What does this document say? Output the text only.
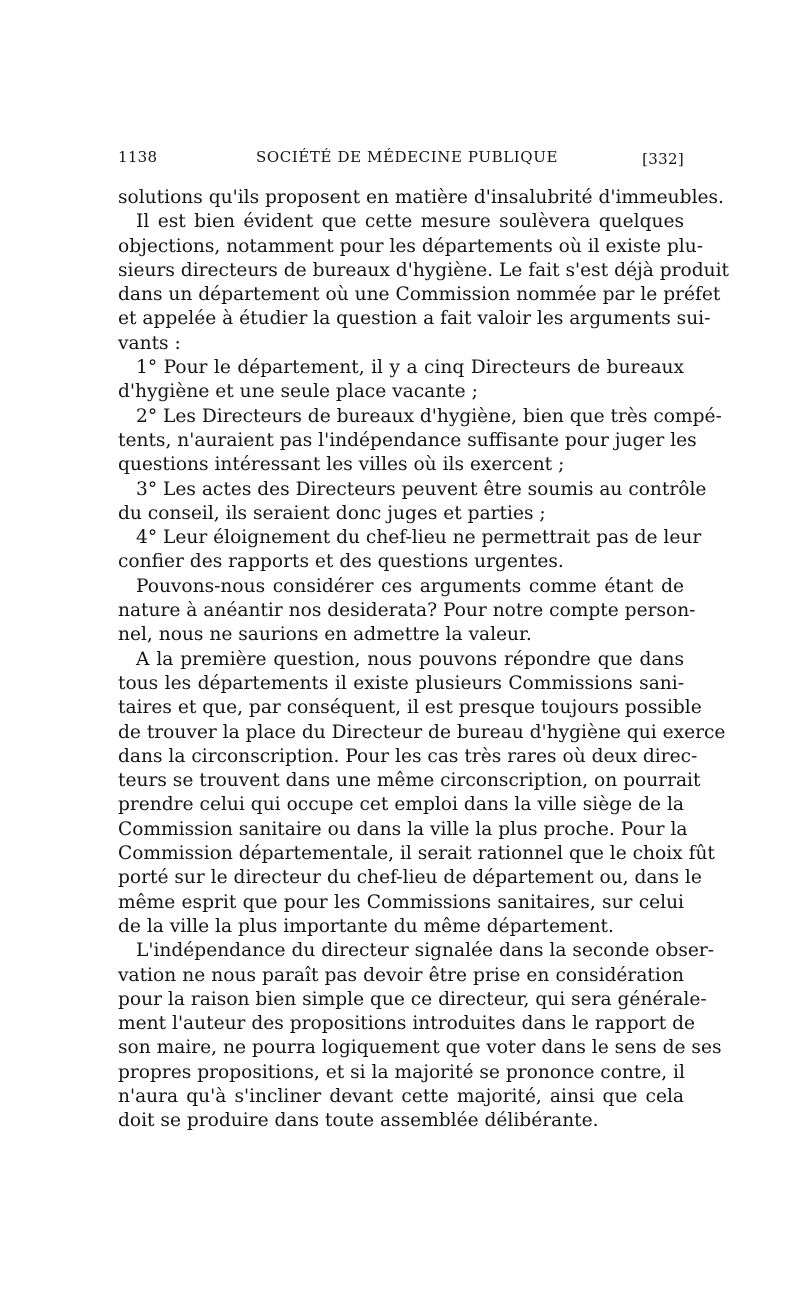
1138	SOCIÉTÉ DE MÉDECINE PUBLIQUE	[332]
solutions qu'ils proposent en matière d'insalubrité d'immeubles.
Il est bien évident que cette mesure soulèvera quelques
objections, notamment pour les départements où il existe plu-
sieurs directeurs de bureaux d'hygiène. Le fait s'est déjà produit
dans un département où une Commission nommée par le préfet
et appelée à étudier la question a fait valoir les arguments sui-
vants :
1° Pour le département, il y a cinq Directeurs de bureaux
d'hygiène et une seule place vacante ;
2° Les Directeurs de bureaux d'hygiène, bien que très compé-
tents, n'auraient pas l'indépendance suffisante pour juger les
questions intéressant les villes où ils exercent ;
3° Les actes des Directeurs peuvent être soumis au contrôle
du conseil, ils seraient donc juges et parties ;
4° Leur éloignement du chef-lieu ne permettrait pas de leur
confier des rapports et des questions urgentes.
Pouvons-nous considérer ces arguments comme étant de
nature à anéantir nos desiderata? Pour notre compte person-
nel, nous ne saurions en admettre la valeur.
A la première question, nous pouvons répondre que dans
tous les départements il existe plusieurs Commissions sani-
taires et que, par conséquent, il est presque toujours possible
de trouver la place du Directeur de bureau d'hygiène qui exerce
dans la circonscription. Pour les cas très rares où deux direc-
teurs se trouvent dans une même circonscription, on pourrait
prendre celui qui occupe cet emploi dans la ville siège de la
Commission sanitaire ou dans la ville la plus proche. Pour la
Commission départementale, il serait rationnel que le choix fût
porté sur le directeur du chef-lieu de département ou, dans le
même esprit que pour les Commissions sanitaires, sur celui
de la ville la plus importante du même département.
L'indépendance du directeur signalée dans la seconde obser-
vation ne nous paraît pas devoir être prise en considération
pour la raison bien simple que ce directeur, qui sera générale-
ment l'auteur des propositions introduites dans le rapport de
son maire, ne pourra logiquement que voter dans le sens de ses
propres propositions, et si la majorité se prononce contre, il
n'aura qu'à s'incliner devant cette majorité, ainsi que cela
doit se produire dans toute assemblée délibérante.
